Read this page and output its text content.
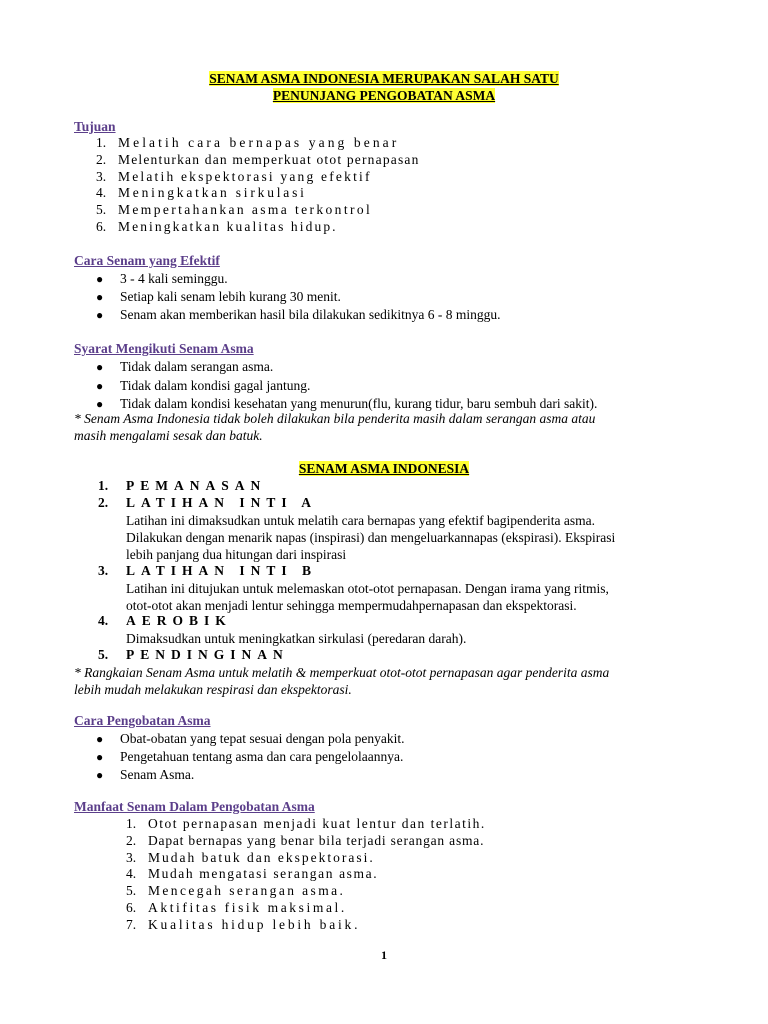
SENAM ASMA INDONESIA MERUPAKAN SALAH SATU
PENUNJANG PENGOBATAN ASMA
Tujuan
1. Melatih cara bernapas yang benar
2. Melenturkan dan memperkuat otot pernapasan
3. Melatih ekspektorasi yang efektif
4. Meningkatkan sirkulasi
5. Mempertahankan asma terkontrol
6. Meningkatkan kualitas hidup.
Cara Senam yang Efektif
● 3 - 4 kali seminggu.
● Setiap kali senam lebih kurang 30 menit.
● Senam akan memberikan hasil bila dilakukan sedikitnya 6 - 8 minggu.
Syarat Mengikuti Senam Asma
● Tidak dalam serangan asma.
● Tidak dalam kondisi gagal jantung.
● Tidak dalam kondisi kesehatan yang menurun(flu, kurang tidur, baru sembuh dari sakit).
* Senam Asma Indonesia tidak boleh dilakukan bila penderita masih dalam serangan asma atau
masih mengalami sesak dan batuk.
SENAM ASMA INDONESIA
1. PEMANASAN
2. LATIHAN INTI A
Latihan ini dimaksudkan untuk melatih cara bernapas yang efektif bagipenderita asma.
Dilakukan dengan menarik napas (inspirasi) dan mengeluarkannapas (ekspirasi). Ekspirasi
lebih panjang dua hitungan dari inspirasi
3. LATIHAN INTI B
Latihan ini ditujukan untuk melemaskan otot-otot pernapasan. Dengan irama yang ritmis,
otot-otot akan menjadi lentur sehingga mempermudahpernapasan dan ekspektorasi.
4. AEROBIK
Dimaksudkan untuk meningkatkan sirkulasi (peredaran darah).
5. PENDINGINAN
* Rangkaian Senam Asma untuk melatih & memperkuat otot-otot pernapasan agar penderita asma
lebih mudah melakukan respirasi dan ekspektorasi.
Cara Pengobatan Asma
● Obat-obatan yang tepat sesuai dengan pola penyakit.
● Pengetahuan tentang asma dan cara pengelolaannya.
● Senam Asma.
Manfaat Senam Dalam Pengobatan Asma
1. Otot pernapasan menjadi kuat lentur dan terlatih.
2. Dapat bernapas yang benar bila terjadi serangan asma.
3. Mudah batuk dan ekspektorasi.
4. Mudah mengatasi serangan asma.
5. Mencegah serangan asma.
6. Aktifitas fisik maksimal.
7. Kualitas hidup lebih baik.
1
